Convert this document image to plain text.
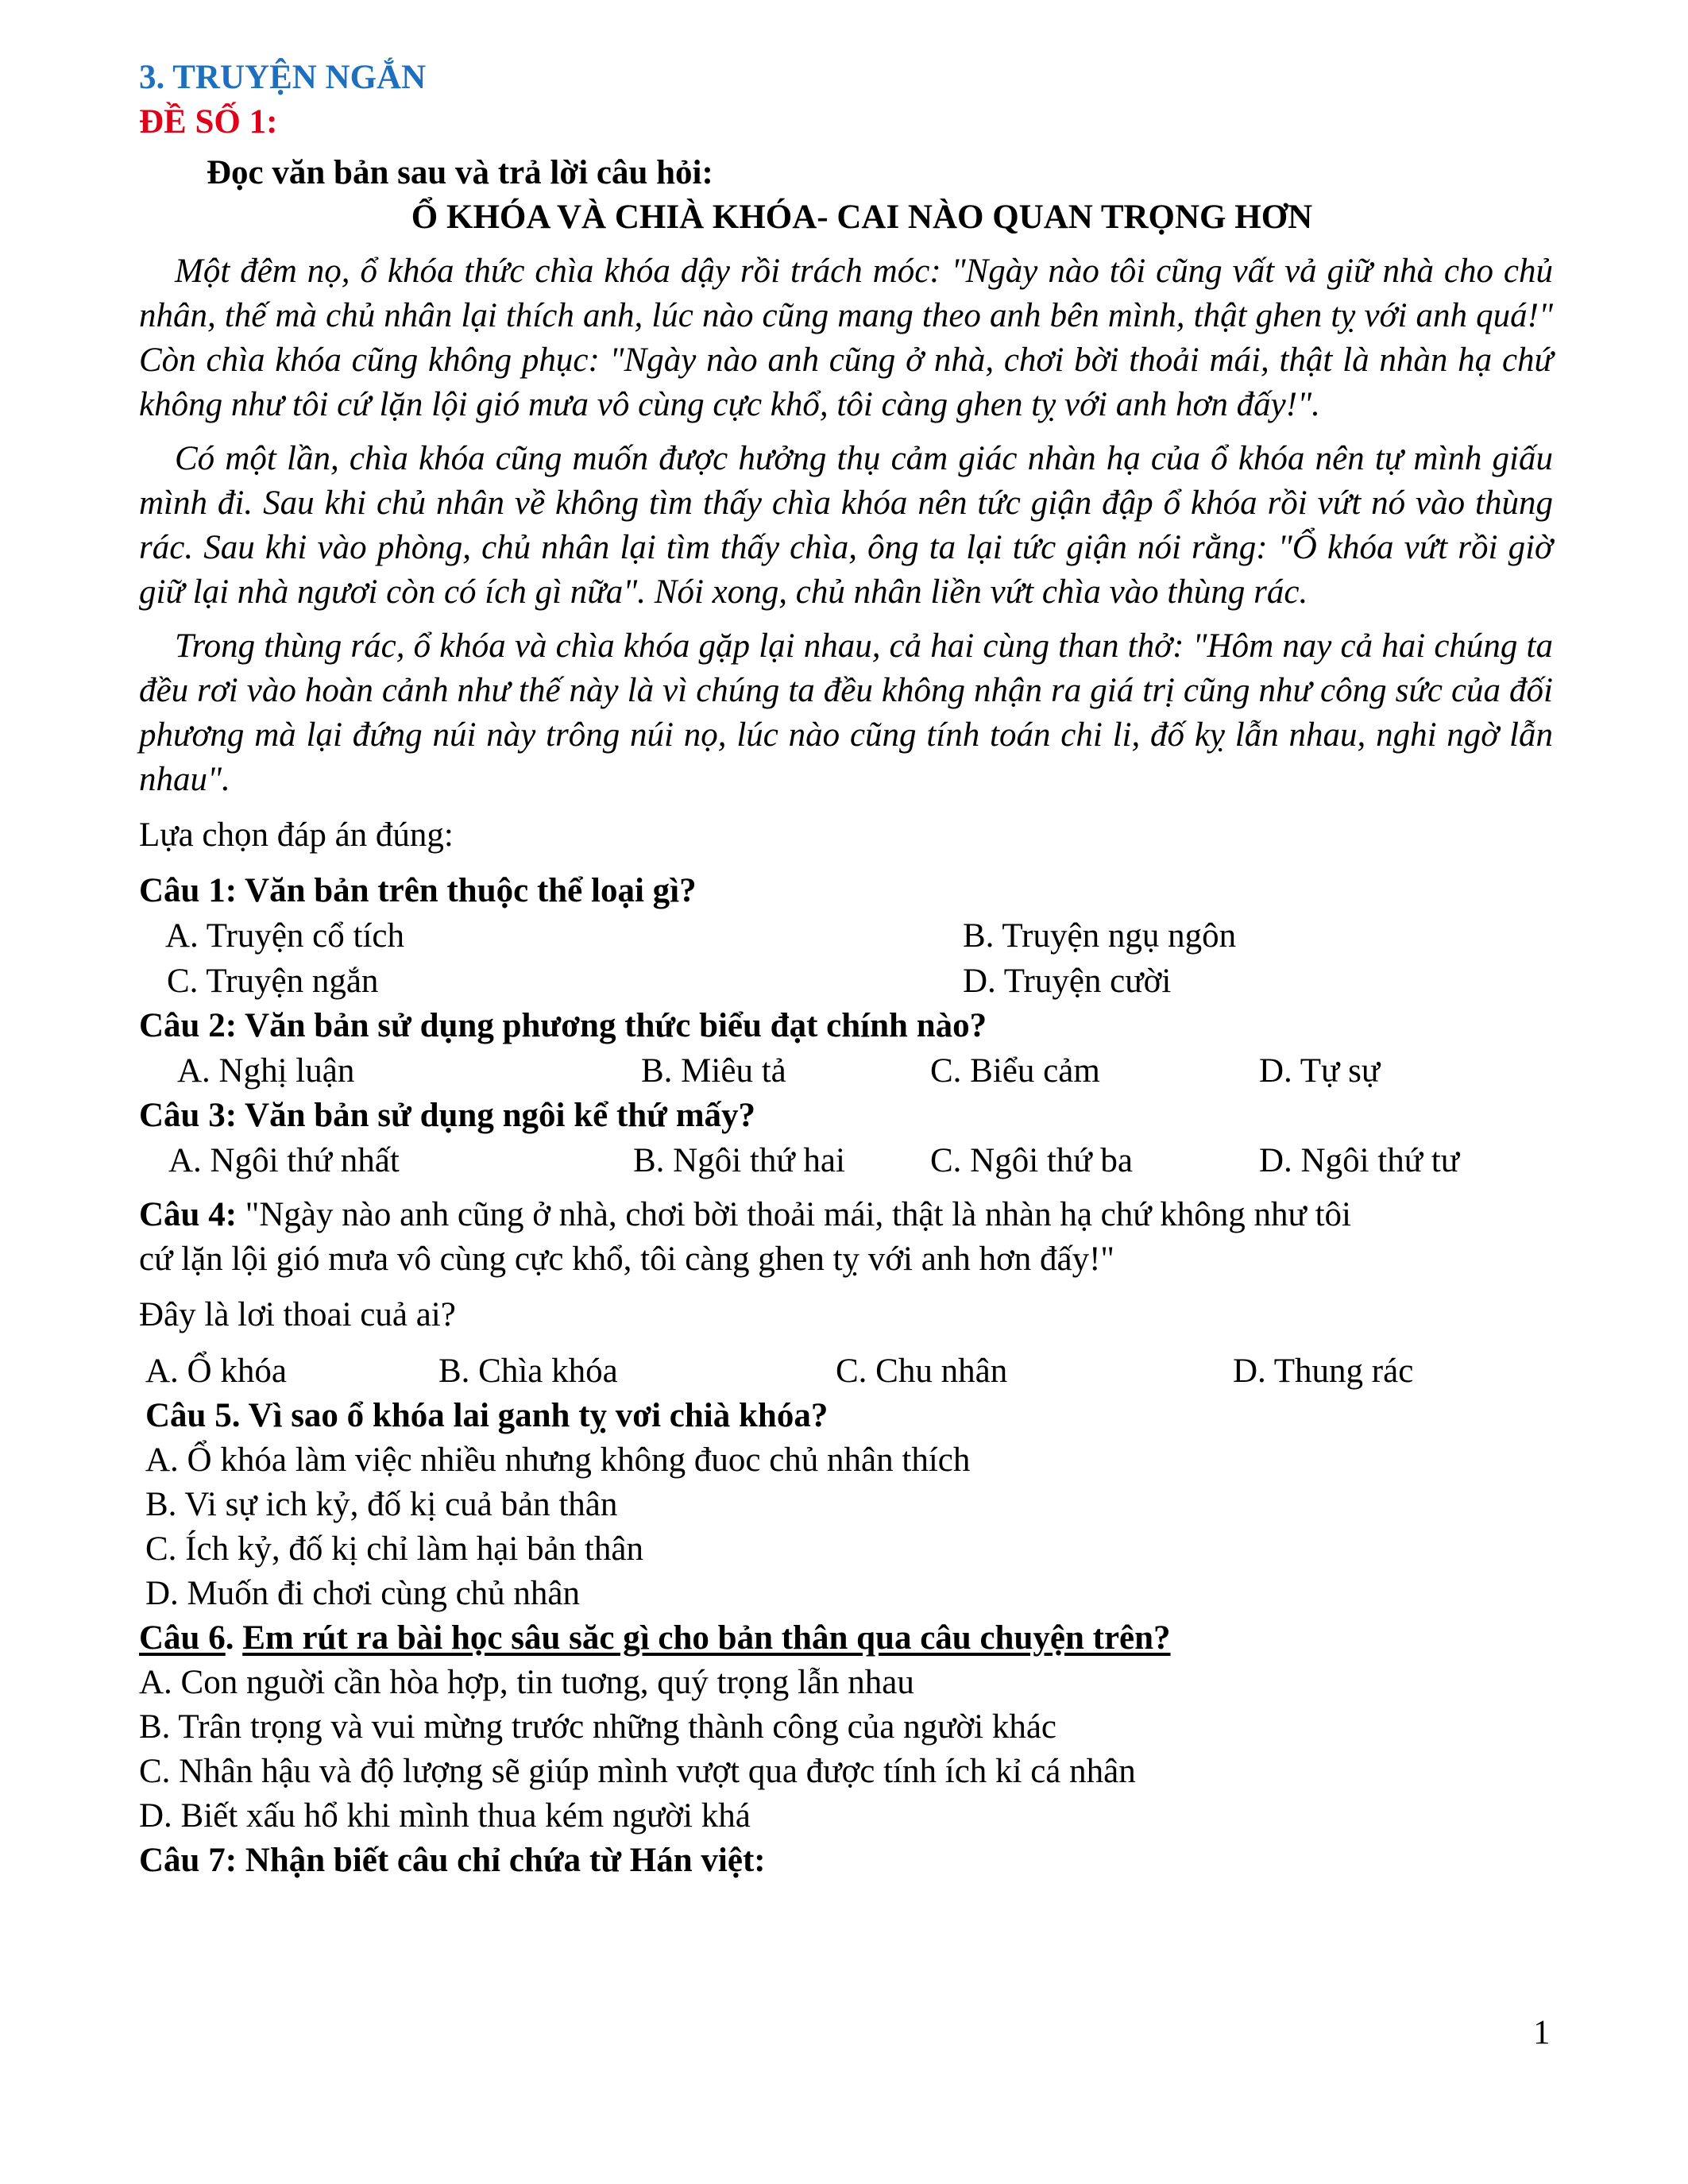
3. TRUYỆN NGẮN
ĐỀ SỐ 1:
Đọc văn bản sau và trả lời câu hỏi:
Ổ KHÓA VÀ CHIÀ KHÓA- CAI NÀO QUAN TRỌNG HƠN

Một đêm nọ, ổ khóa thức chìa khóa dậy rồi trách móc: "Ngày nào tôi cũng vất vả giữ nhà cho chủ nhân, thế mà chủ nhân lại thích anh, lúc nào cũng mang theo anh bên mình, thật ghen tỵ với anh quá!" Còn chìa khóa cũng không phục: "Ngày nào anh cũng ở nhà, chơi bời thoải mái, thật là nhàn hạ chứ không như tôi cứ lặn lội gió mưa vô cùng cực khổ, tôi càng ghen tỵ với anh hơn đấy!".

Có một lần, chìa khóa cũng muốn được hưởng thụ cảm giác nhàn hạ của ổ khóa nên tự mình giấu mình đi. Sau khi chủ nhân về không tìm thấy chìa khóa nên tức giận đập ổ khóa rồi vứt nó vào thùng rác. Sau khi vào phòng, chủ nhân lại tìm thấy chìa, ông ta lại tức giận nói rằng: "Ổ khóa vứt rồi giờ giữ lại nhà ngươi còn có ích gì nữa". Nói xong, chủ nhân liền vứt chìa vào thùng rác.

Trong thùng rác, ổ khóa và chìa khóa gặp lại nhau, cả hai cùng than thở: "Hôm nay cả hai chúng ta đều rơi vào hoàn cảnh như thế này là vì chúng ta đều không nhận ra giá trị cũng như công sức của đối phương mà lại đứng núi này trông núi nọ, lúc nào cũng tính toán chi li, đố kỵ lẫn nhau, nghi ngờ lẫn nhau".

Lựa chọn đáp án đúng:
Câu 1: Văn bản trên thuộc thể loại gì?
A. Truyện cổ tích	B. Truyện ngụ ngôn
C. Truyện ngắn	D. Truyện cười
Câu 2: Văn bản sử dụng phương thức biểu đạt chính nào?
A. Nghị luận	B. Miêu tả	C. Biểu cảm	D. Tự sự
Câu 3: Văn bản sử dụng ngôi kể thứ mấy?
A. Ngôi thứ nhất	B. Ngôi thứ hai C. Ngôi thứ ba	D. Ngôi thứ tư
Câu 4: "Ngày nào anh cũng ở nhà, chơi bời thoải mái, thật là nhàn hạ chứ không như tôi
cứ lặn lội gió mưa vô cùng cực khổ, tôi càng ghen tỵ với anh hơn đấy!"
Đây là lơi thoai cuả ai?
A. Ổ khóa	B. Chìa khóa	C. Chu nhân	D. Thung rác
Câu 5. Vì sao ổ khóa lai ganh tỵ vơi chià khóa?
A. Ổ khóa làm việc nhiều nhưng không đuoc chủ nhân thích
B. Vi sự ich kỷ, đố kị cuả bản thân
C. Ích kỷ, đố kị chỉ làm hại bản thân
D. Muốn đi chơi cùng chủ nhân
Câu 6. Em rút ra bài học sâu săc gì cho bản thân qua câu chuyện trên?
A. Con nguời cần hòa hợp, tin tuơng, quý trọng lẫn nhau
B. Trân trọng và vui mừng trước những thành công của người khác
C. Nhân hậu và độ lượng sẽ giúp mình vượt qua được tính ích kỉ cá nhân
D. Biết xấu hổ khi mình thua kém người khá
Câu 7: Nhận biết câu chỉ chứa từ Hán việt:
1
